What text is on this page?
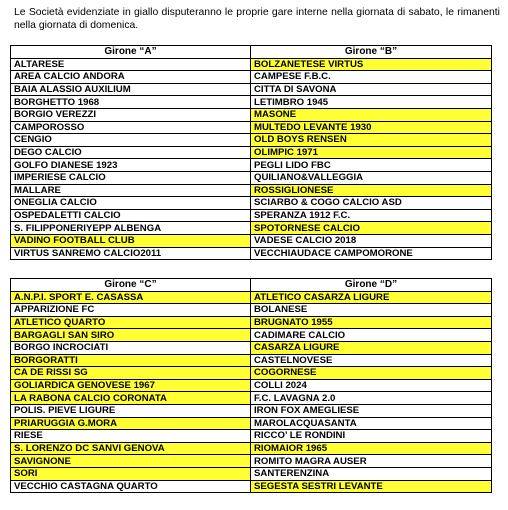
Le Società evidenziate in giallo disputeranno le proprie gare interne nella giornata di sabato, le rimanenti nella giornata di domenica.
Girone “A”	Girone “B”
ALTARESE	BOLZANETESE VIRTUS
AREA CALCIO ANDORA	CAMPESE F.B.C.
BAIA ALASSIO AUXILIUM	CITTA DI SAVONA
BORGHETTO 1968	LETIMBRO 1945
BORGIO VEREZZI	MASONE
CAMPOROSSO	MULTEDO LEVANTE 1930
CENGIO	OLD BOYS RENSEN
DEGO CALCIO	OLIMPIC 1971
GOLFO DIANESE 1923	PEGLI LIDO FBC
IMPERIESE CALCIO	QUILIANO&VALLEGGIA
MALLARE	ROSSIGLIONESE
ONEGLIA CALCIO	SCIARBO & COGO CALCIO ASD
OSPEDALETTI CALCIO	SPERANZA 1912 F.C.
S. FILIPPONERIYEPP ALBENGA	SPOTORNESE CALCIO
VADINO FOOTBALL CLUB	VADESE CALCIO 2018
VIRTUS SANREMO CALCIO2011	VECCHIAUDACE CAMPOMORONE
Girone “C”	Girone “D”
A.N.P.I. SPORT E. CASASSA	ATLETICO CASARZA LIGURE
APPARIZIONE FC	BOLANESE
ATLETICO QUARTO	BRUGNATO 1955
BARGAGLI SAN SIRO	CADIMARE CALCIO
BORGO INCROCIATI	CASARZA LIGURE
BORGORATTI	CASTELNOVESE
CA DE RISSI SG	COGORNESE
GOLIARDICA GENOVESE 1967	COLLI 2024
LA RABONA CALCIO CORONATA	F.C. LAVAGNA 2.0
POLIS. PIEVE LIGURE	IRON FOX AMEGLIESE
PRIARUGGIA G.MORA	MAROLACQUASANTA
RIESE	RICCO’ LE RONDINI
S. LORENZO DC SANVI GENOVA	RIOMAIOR 1965
SAVIGNONE	ROMITO MAGRA AUSER
SORI	SANTERENZINA
VECCHIO CASTAGNA QUARTO	SEGESTA SESTRI LEVANTE
